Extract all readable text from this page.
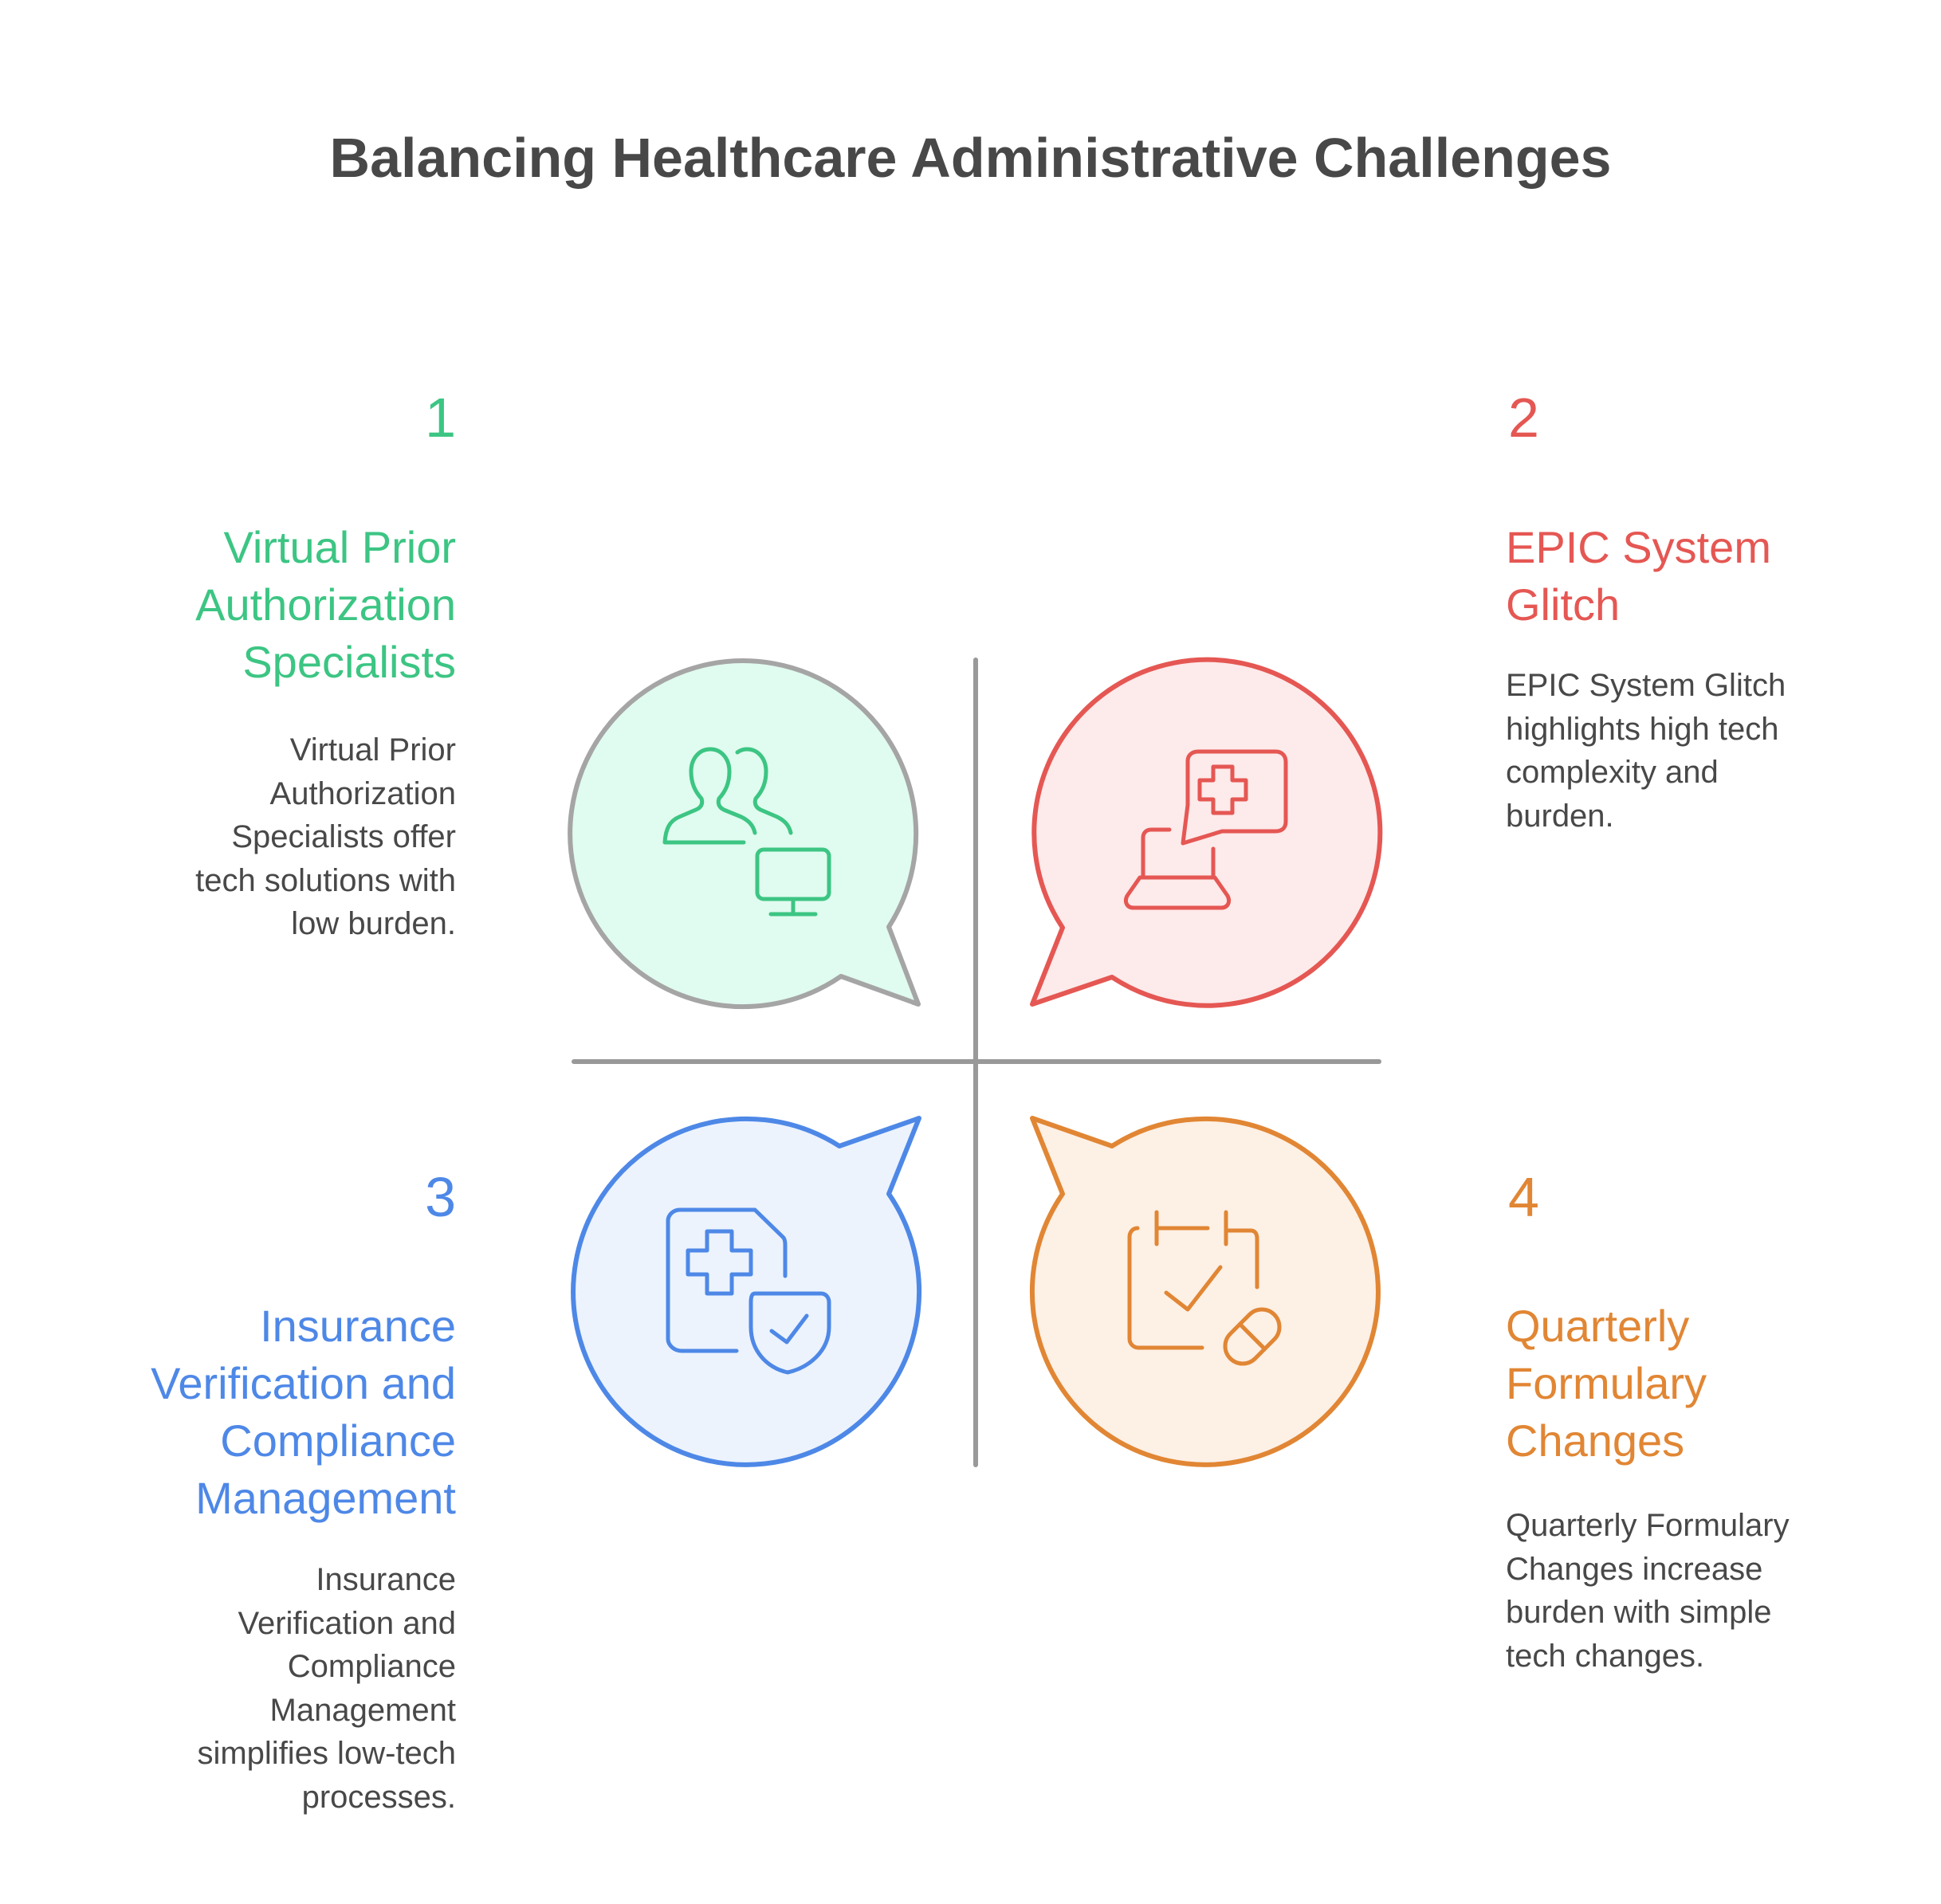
Balancing Healthcare Administrative Challenges
1
Virtual Prior
Authorization
Specialists
Virtual Prior
Authorization
Specialists offer
tech solutions with
low burden.
2
EPIC System
Glitch
EPIC System Glitch
highlights high tech
complexity and
burden.
3
Insurance
Verification and
Compliance
Management
Insurance
Verification and
Compliance
Management
simplifies low-tech
processes.
4
Quarterly
Formulary
Changes
Quarterly Formulary
Changes increase
burden with simple
tech changes.
